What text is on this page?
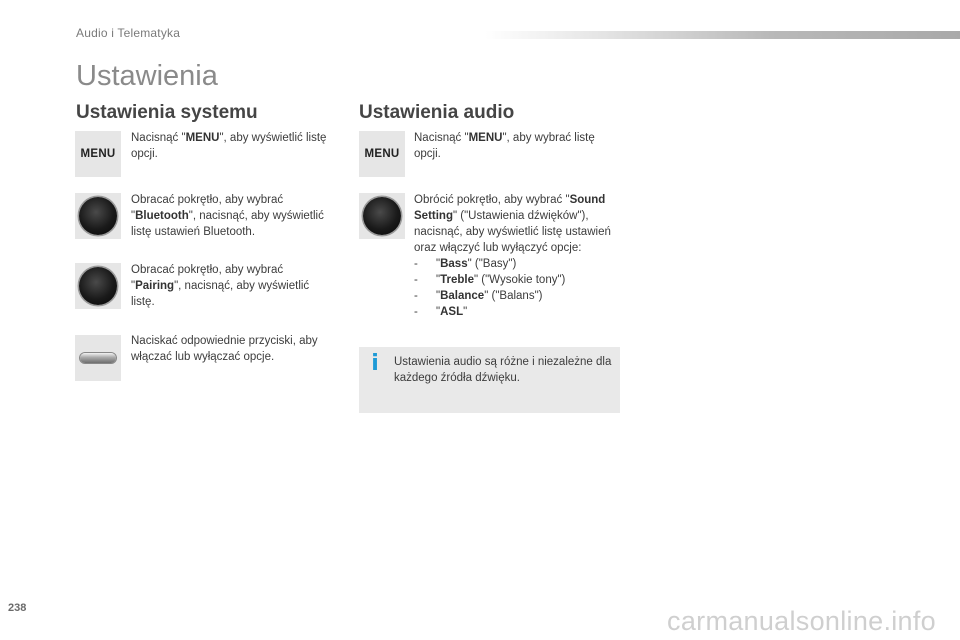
Audio i Telematyka
Ustawienia
Ustawienia systemu
MENU
Nacisnąć "MENU", aby wyświetlić listę opcji.
Obracać pokrętło, aby wybrać "Bluetooth", nacisnąć, aby wyświetlić listę ustawień Bluetooth.
Obracać pokrętło, aby wybrać "Pairing", nacisnąć, aby wyświetlić listę.
Naciskać odpowiednie przyciski, aby włączać lub wyłączać opcje.
Ustawienia audio
MENU
Nacisnąć "MENU", aby wybrać listę opcji.
Obrócić pokrętło, aby wybrać "Sound Setting" ("Ustawienia dźwięków"), nacisnąć, aby wyświetlić listę ustawień oraz włączyć lub wyłączyć opcje:
- "Bass" ("Basy")
- "Treble" ("Wysokie tony")
- "Balance" ("Balans")
- "ASL"
i Ustawienia audio są różne i niezależne dla każdego źródła dźwięku.
238	carmanualsonline.info
